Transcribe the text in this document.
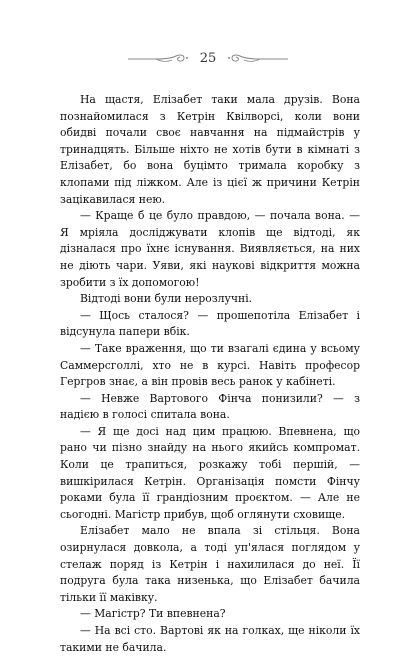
25

На щастя, Елізабет таки мала друзів. Вона познайомилася з Кетрін Квілворсі, коли вони обидві почали своє навчання на підмайстрів у тринадцять. Більше ніхто не хотів бути в кімнаті з Елізабет, бо вона буцімто тримала коробку з клопами під ліжком. Але із цієї ж причини Кетрін зацікавилася нею.

— Краще б це було правдою, — почала вона. — Я мріяла досліджувати клопів ще відтоді, як дізналася про їхнє існування. Виявляється, на них не діють чари. Уяви, які наукові відкриття можна зробити з їх допомогою!

Відтоді вони були нерозлучні.

— Щось сталося? — прошепотіла Елізабет і відсунула папери вбік.

— Таке враження, що ти взагалі єдина у всьому Саммерсголлі, хто не в курсі. Навіть професор Гергров знає, а він провів весь ранок у кабінеті.

— Невже Вартового Фінча понизили? — з надією в голосі спитала вона.

— Я ще досі над цим працюю. Впевнена, що рано чи пізно знайду на нього якийсь компромат. Коли це трапиться, розкажу тобі першій, — вишкірилася Кетрін. Організація помсти Фінчу роками була її грандіозним проєктом. — Але не сьогодні. Магістр прибув, щоб оглянути сховище.

Елізабет мало не впала зі стільця. Вона озирнулася довкола, а тоді уп'ялася поглядом у стелаж поряд із Кетрін і нахилилася до неї. Її подруга була така низенька, що Елізабет бачила тільки її маківку.

— Магістр? Ти впевнена?

— На всі сто. Вартові як на голках, ще ніколи їх такими не бачила.
